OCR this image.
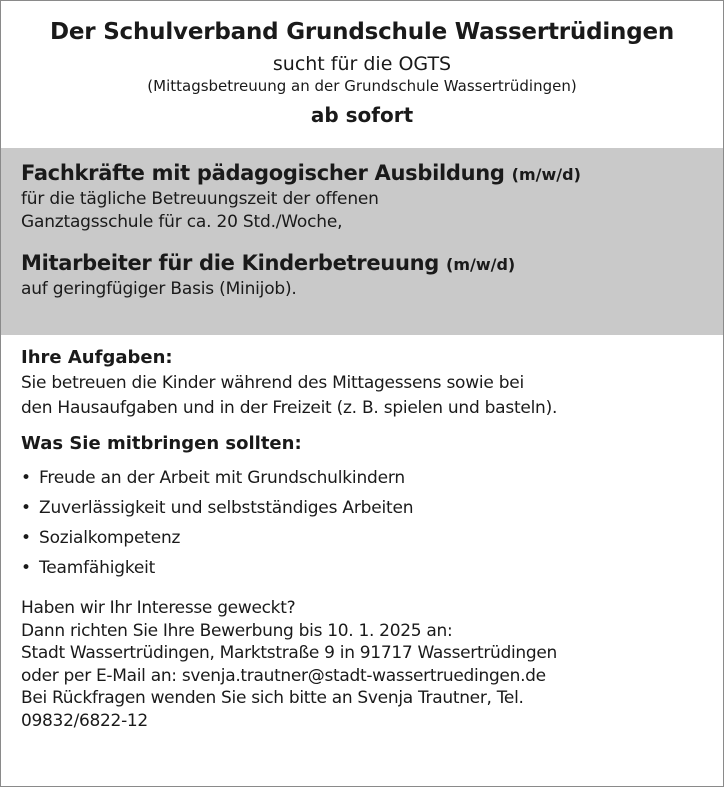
Der Schulverband Grundschule Wassertrüdingen
sucht für die OGTS
(Mittagsbetreuung an der Grundschule Wassertrüdingen)
ab sofort
Fachkräfte mit pädagogischer Ausbildung (m/w/d)
für die tägliche Betreuungszeit der offenen
Ganztagsschule für ca. 20 Std./Woche,
Mitarbeiter für die Kinderbetreuung (m/w/d)
auf geringfügiger Basis (Minijob).
Ihre Aufgaben:
Sie betreuen die Kinder während des Mittagessens sowie bei
den Hausaufgaben und in der Freizeit (z. B. spielen und basteln).
Was Sie mitbringen sollten:
• Freude an der Arbeit mit Grundschulkindern
• Zuverlässigkeit und selbstständiges Arbeiten
• Sozialkompetenz
• Teamfähigkeit
Haben wir Ihr Interesse geweckt?
Dann richten Sie Ihre Bewerbung bis 10. 1. 2025 an:
Stadt Wassertrüdingen, Marktstraße 9 in 91717 Wassertrüdingen
oder per E-Mail an: svenja.trautner@stadt-wassertruedingen.de
Bei Rückfragen wenden Sie sich bitte an Svenja Trautner, Tel.
09832/6822-12
